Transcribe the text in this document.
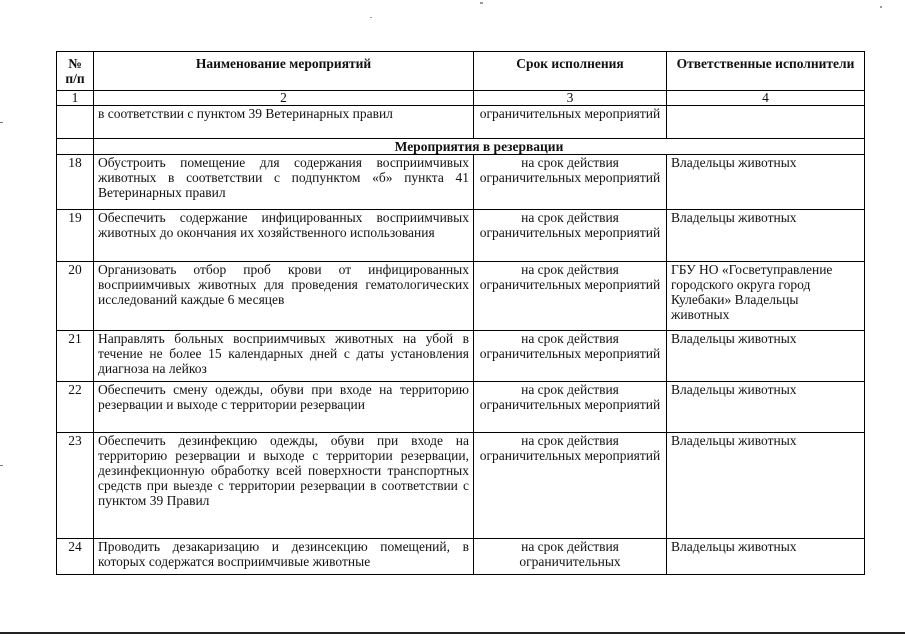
№ п/п	Наименование мероприятий	Срок исполнения	Ответственные исполнители
1	2	3	4
	в соответствии с пунктом 39 Ветеринарных правил	ограничительных мероприятий	
	Мероприятия в резервации		
18	Обустроить помещение для содержания восприимчивых животных в соответствии с подпунктом «б» пункта 41 Ветеринарных правил	на срок действия ограничительных мероприятий	Владельцы животных
19	Обеспечить содержание инфицированных восприимчивых животных до окончания их хозяйственного использования	на срок действия ограничительных мероприятий	Владельцы животных
20	Организовать отбор проб крови от инфицированных восприимчивых животных для проведения гематологических исследований каждые 6 месяцев	на срок действия ограничительных мероприятий	ГБУ НО «Госветуправление городского округа город Кулебаки» Владельцы животных
21	Направлять больных восприимчивых животных на убой в течение не более 15 календарных дней с даты установления диагноза на лейкоз	на срок действия ограничительных мероприятий	Владельцы животных
22	Обеспечить смену одежды, обуви при входе на территорию резервации и выходе с территории резервации	на срок действия ограничительных мероприятий	Владельцы животных
23	Обеспечить дезинфекцию одежды, обуви при входе на территорию резервации и выходе с территории резервации, дезинфекционную обработку всей поверхности транспортных средств при выезде с территории резервации в соответствии с пунктом 39 Правил	на срок действия ограничительных мероприятий	Владельцы животных
24	Проводить дезакаризацию и дезинсекцию помещений, в которых содержатся восприимчивые животные	на срок действия ограничительных	Владельцы животных
